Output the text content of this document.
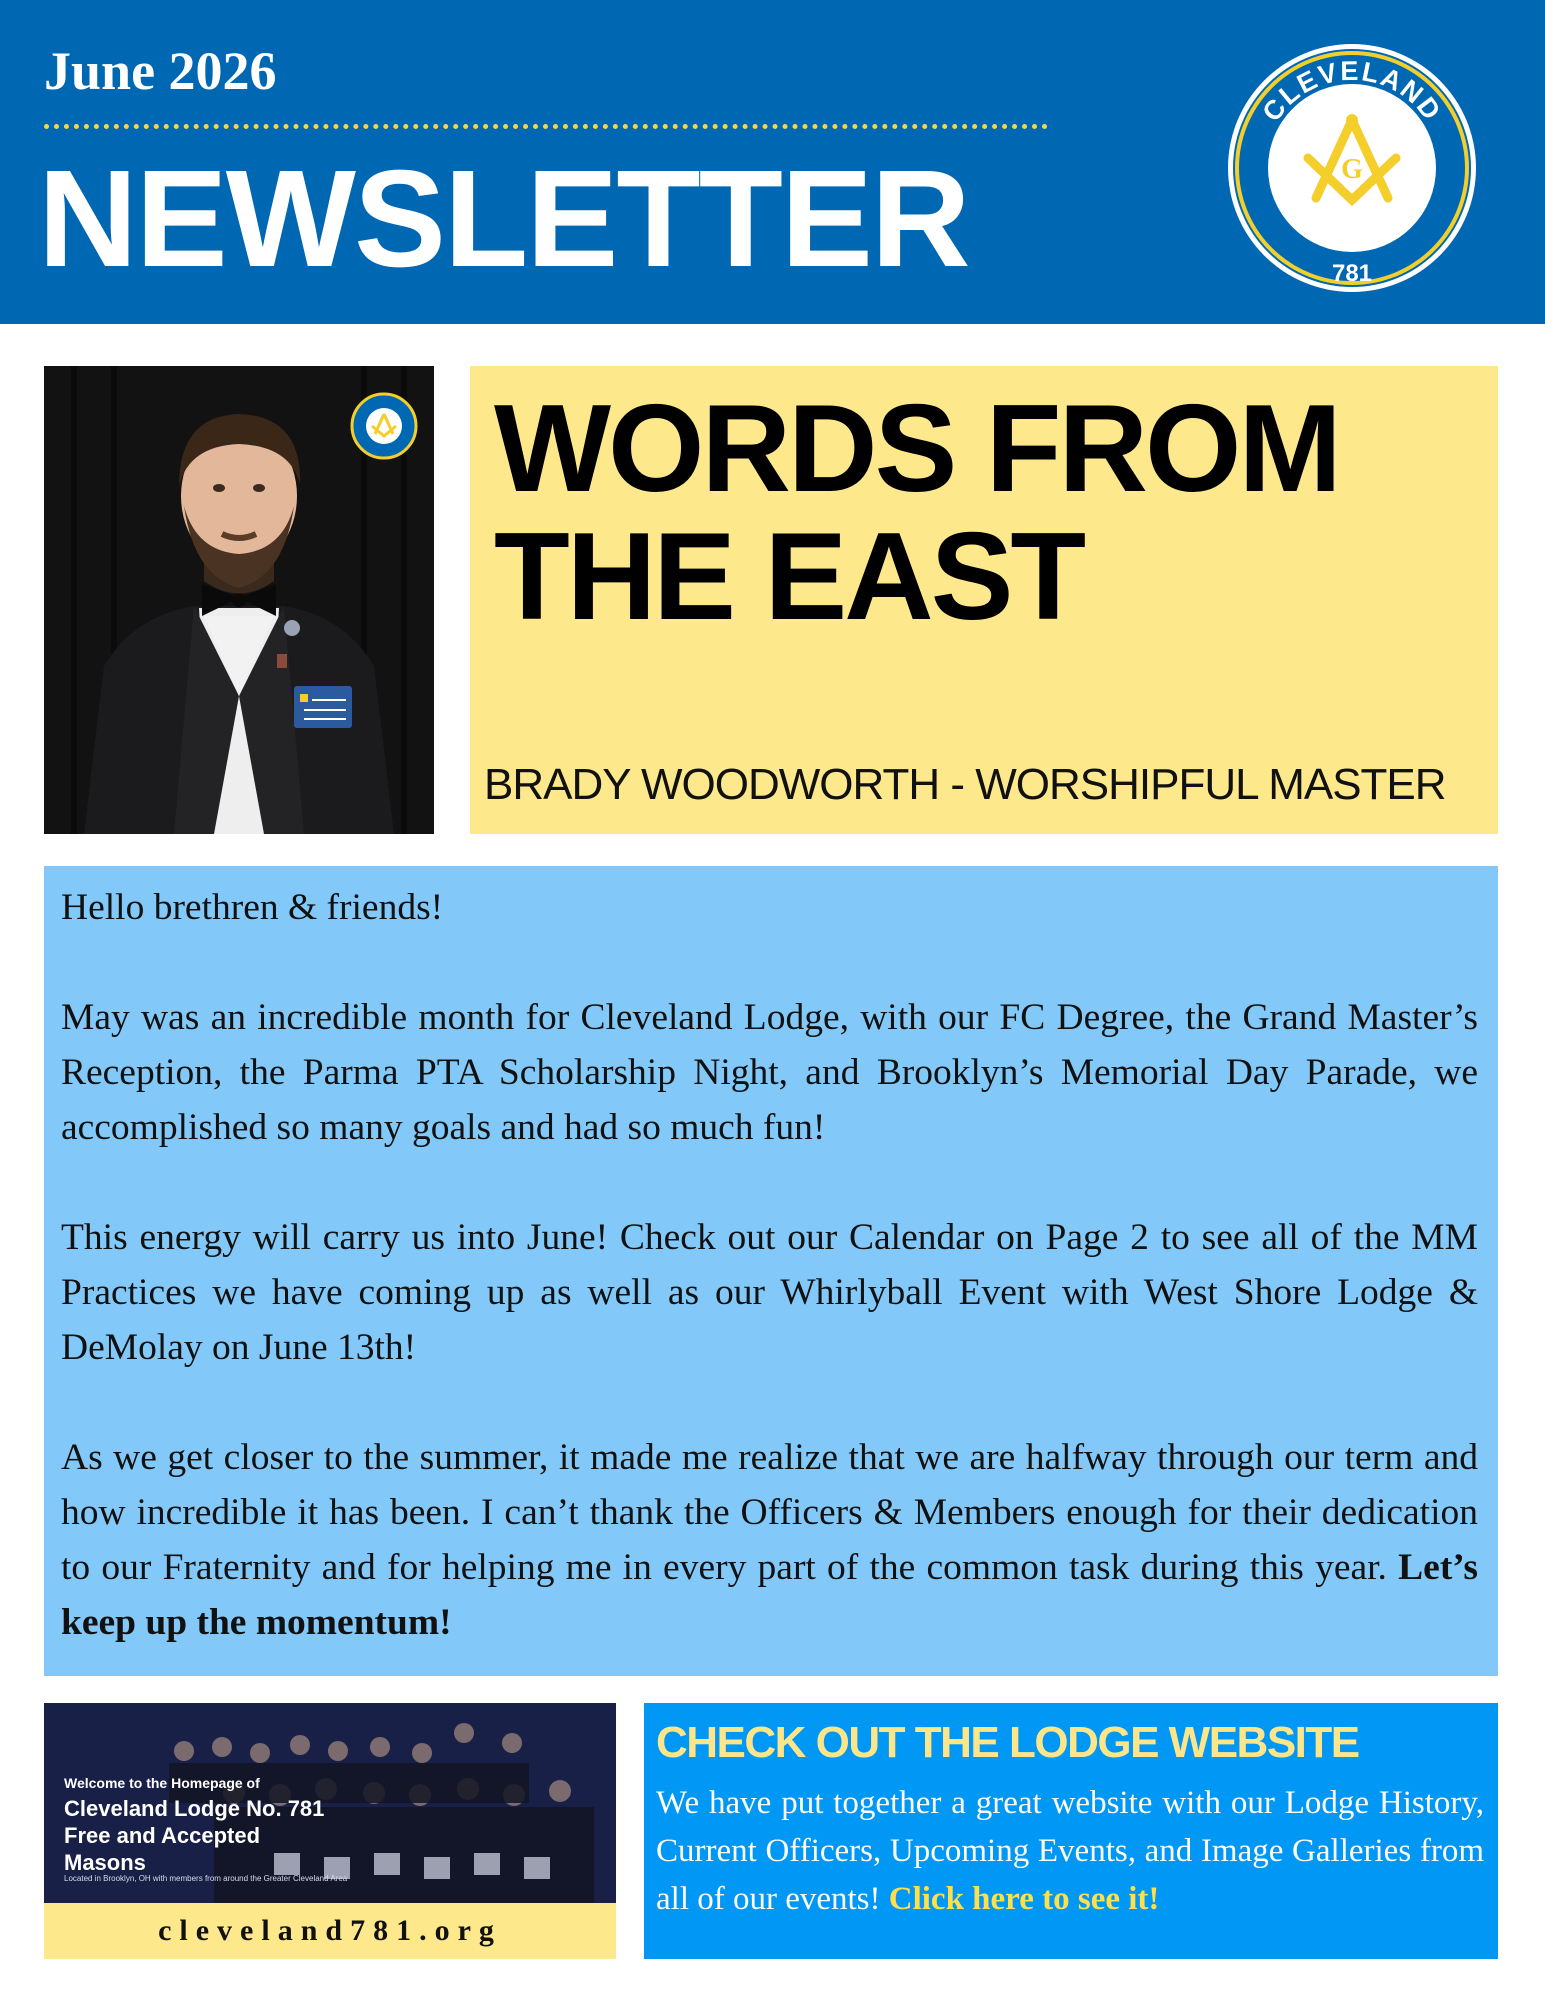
June 2026
NEWSLETTER
CLEVELAND
781
G
WORDS FROM THE EAST
BRADY WOODWORTH - WORSHIPFUL MASTER

Hello brethren & friends!

May was an incredible month for Cleveland Lodge, with our FC Degree, the Grand Master’s Reception, the Parma PTA Scholarship Night, and Brooklyn’s Memorial Day Parade, we accomplished so many goals and had so much fun!

This energy will carry us into June! Check out our Calendar on Page 2 to see all of the MM Practices we have coming up as well as our Whirlyball Event with West Shore Lodge & DeMolay on June 13th!

As we get closer to the summer, it made me realize that we are halfway through our term and how incredible it has been. I can’t thank the Officers & Members enough for their dedication to our Fraternity and for helping me in every part of the common task during this year. Let’s keep up the momentum!

Welcome to the Homepage of
Cleveland Lodge No. 781
Free and Accepted
Masons
Located in Brooklyn, OH with members from around the Greater Cleveland Area
cleveland781.org
CHECK OUT THE LODGE WEBSITE
We have put together a great website with our Lodge History, Current Officers, Upcoming Events, and Image Galleries from all of our events! Click here to see it!
